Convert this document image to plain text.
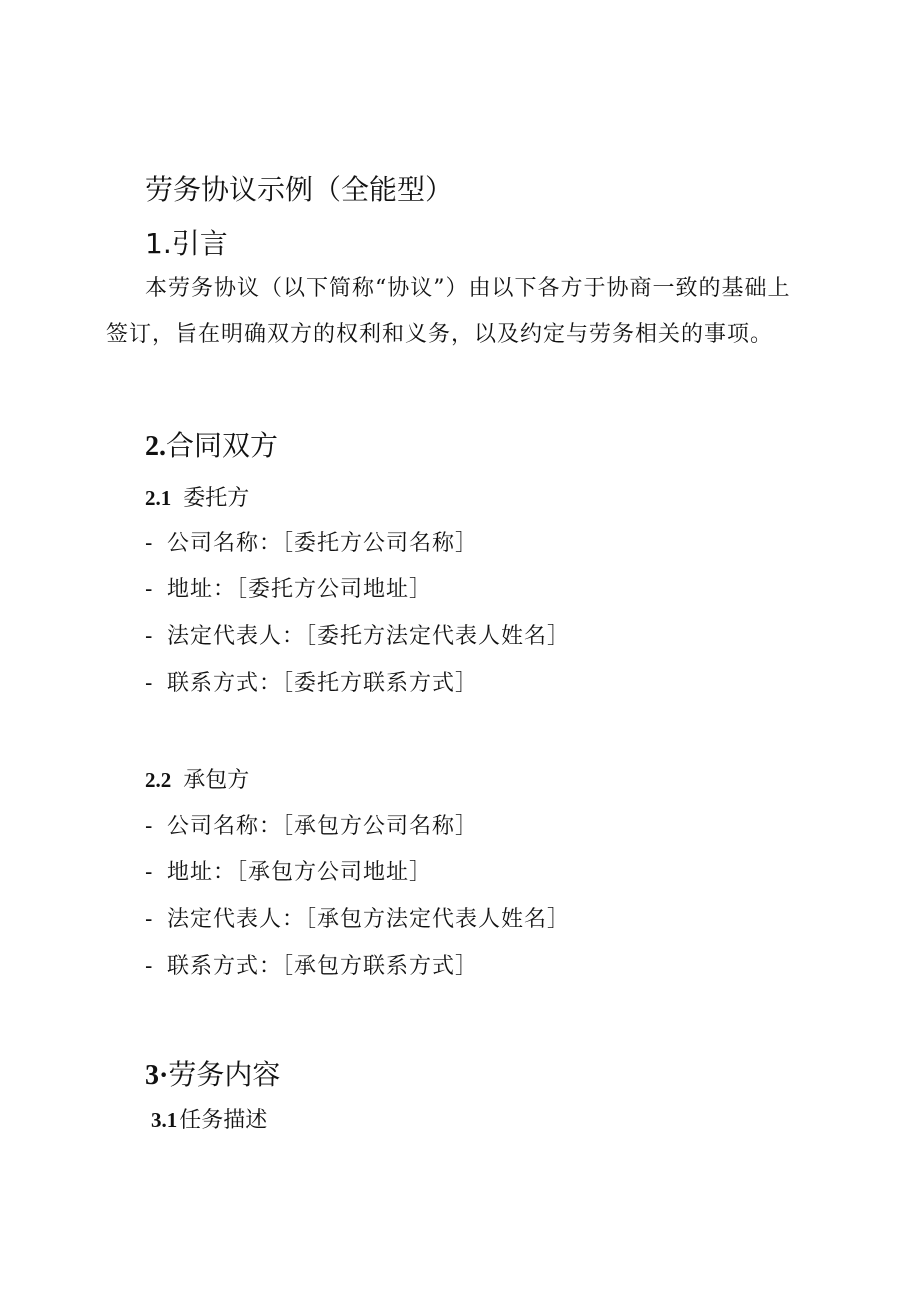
劳务协议示例（全能型）
1.引言
本劳务协议（以下简称“协议”）由以下各方于协商一致的基础上
签订，旨在明确双方的权利和义务，以及约定与劳务相关的事项。
2.合同双方
2.1 委托方
- 公司名称：［委托方公司名称］
- 地址：［委托方公司地址］
- 法定代表人：［委托方法定代表人姓名］
- 联系方式：［委托方联系方式］
2.2 承包方
- 公司名称：［承包方公司名称］
- 地址：［承包方公司地址］
- 法定代表人：［承包方法定代表人姓名］
- 联系方式：［承包方联系方式］
3·劳务内容
3.1任务描述
